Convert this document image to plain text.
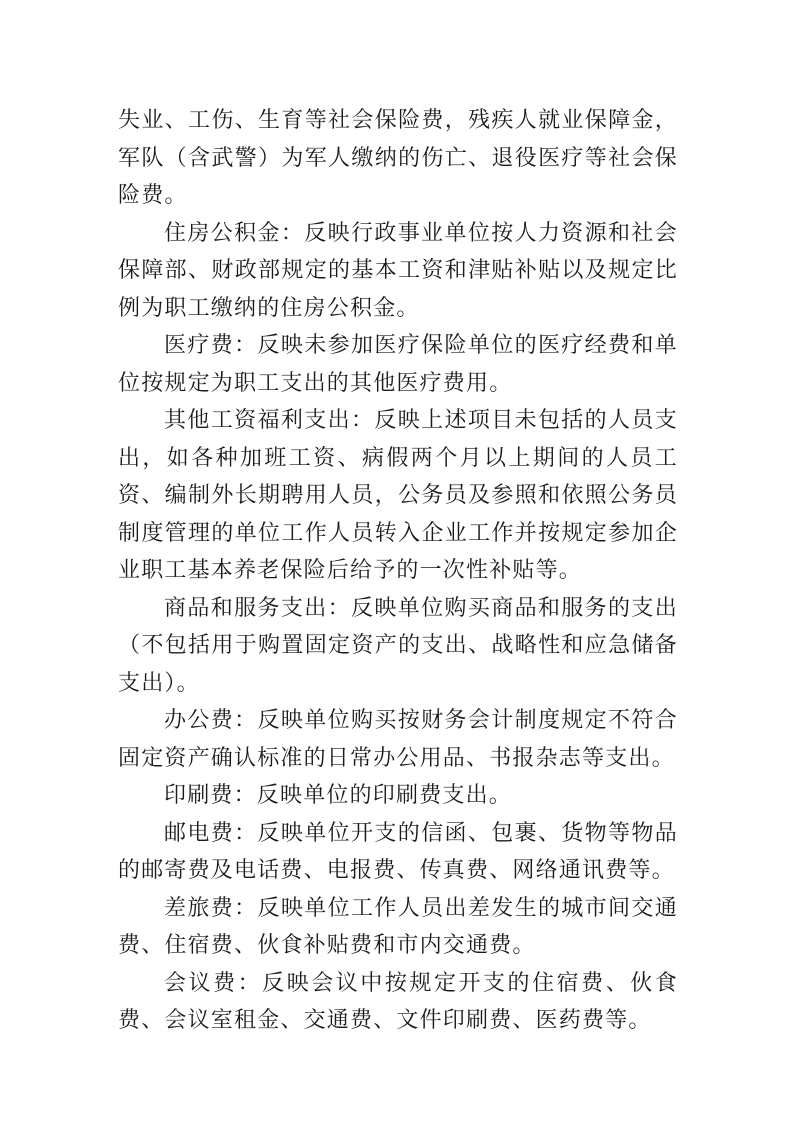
失业、工伤、生育等社会保险费，残疾人就业保障金，军队（含武警）为军人缴纳的伤亡、退役医疗等社会保险费。

住房公积金：反映行政事业单位按人力资源和社会保障部、财政部规定的基本工资和津贴补贴以及规定比例为职工缴纳的住房公积金。

医疗费：反映未参加医疗保险单位的医疗经费和单位按规定为职工支出的其他医疗费用。

其他工资福利支出：反映上述项目未包括的人员支出，如各种加班工资、病假两个月以上期间的人员工资、编制外长期聘用人员，公务员及参照和依照公务员制度管理的单位工作人员转入企业工作并按规定参加企业职工基本养老保险后给予的一次性补贴等。

商品和服务支出：反映单位购买商品和服务的支出（不包括用于购置固定资产的支出、战略性和应急储备支出）。

办公费：反映单位购买按财务会计制度规定不符合固定资产确认标准的日常办公用品、书报杂志等支出。

印刷费：反映单位的印刷费支出。

邮电费：反映单位开支的信函、包裹、货物等物品的邮寄费及电话费、电报费、传真费、网络通讯费等。

差旅费：反映单位工作人员出差发生的城市间交通费、住宿费、伙食补贴费和市内交通费。

会议费：反映会议中按规定开支的住宿费、伙食费、会议室租金、交通费、文件印刷费、医药费等。
